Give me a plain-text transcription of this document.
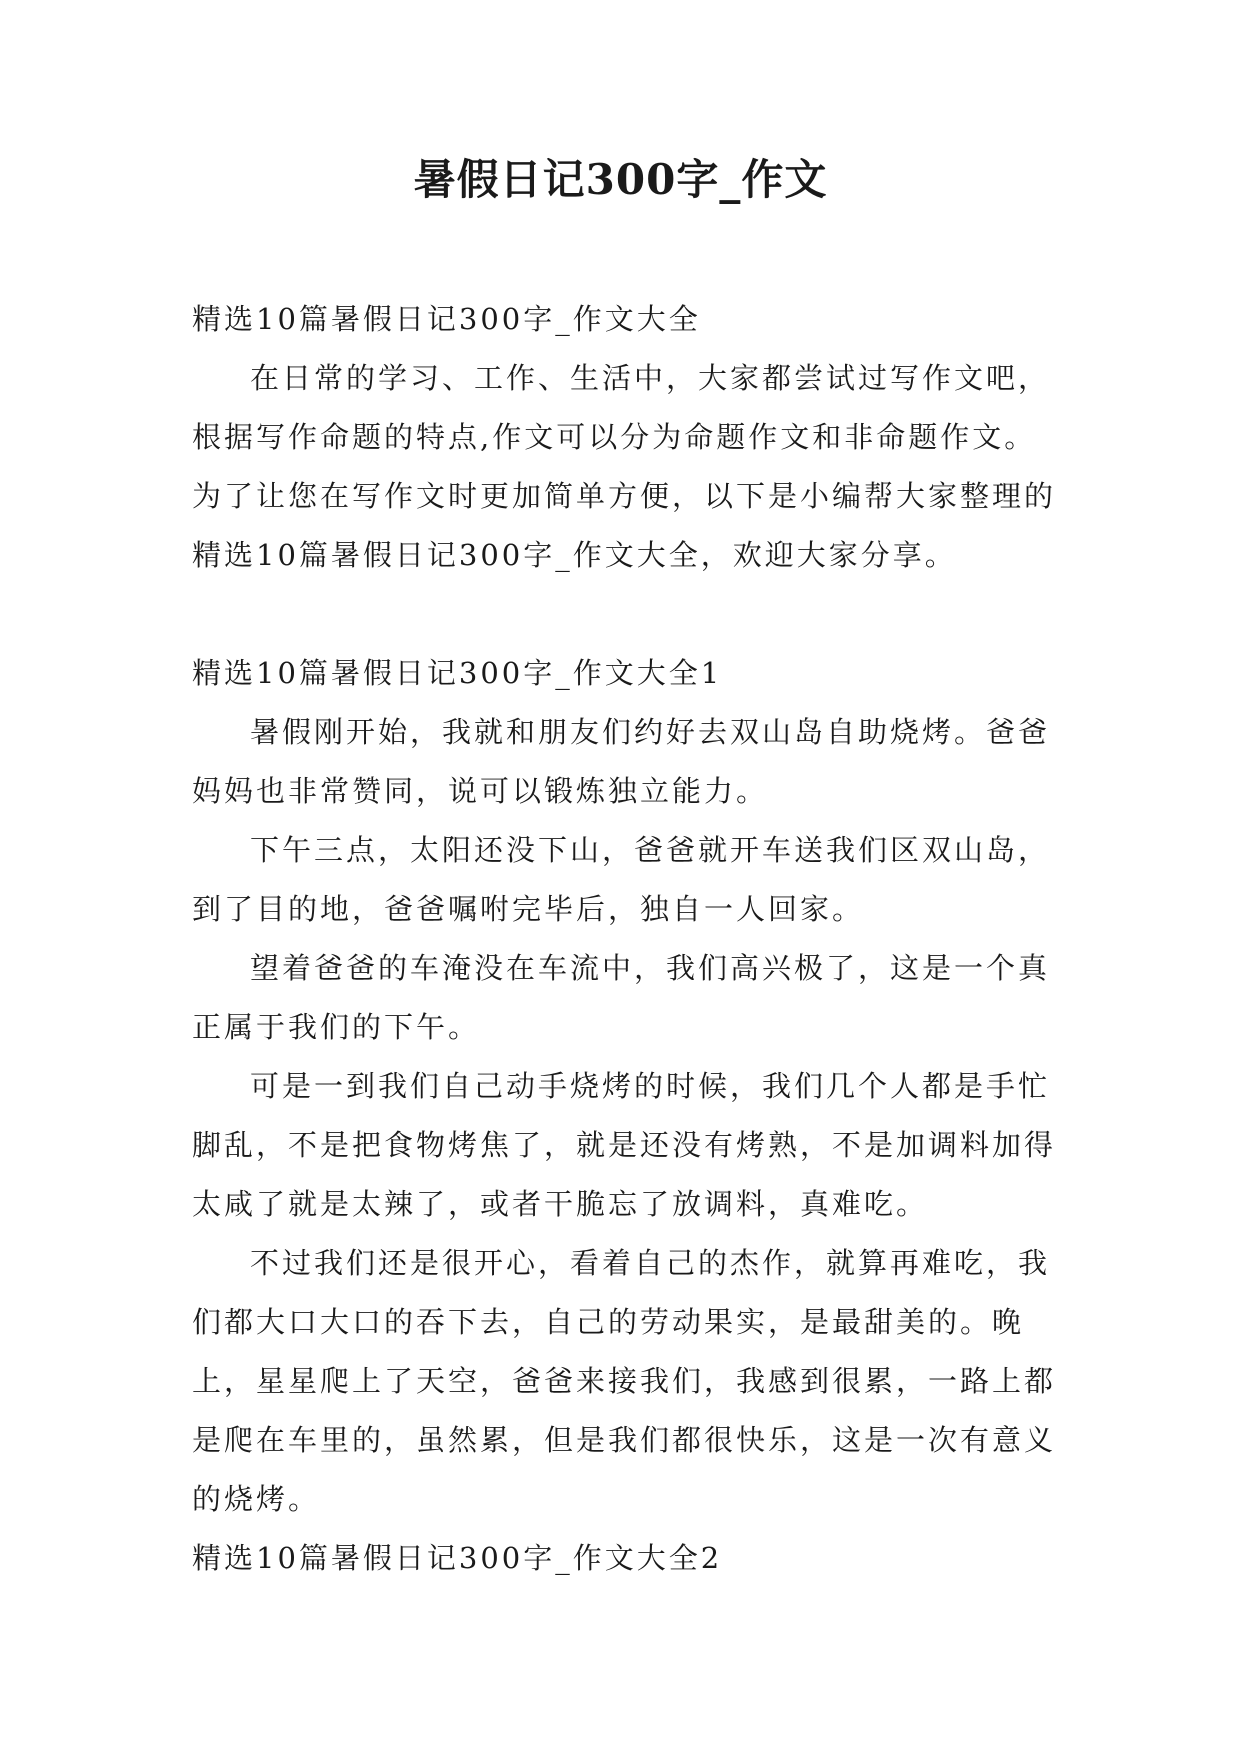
暑假日记300字_作文

精选10篇暑假日记300字_作文大全

在日常的学习、工作、生活中，大家都尝试过写作文吧，根据写作命题的特点,作文可以分为命题作文和非命题作文。为了让您在写作文时更加简单方便，以下是小编帮大家整理的精选10篇暑假日记300字_作文大全，欢迎大家分享。

精选10篇暑假日记300字_作文大全1

暑假刚开始，我就和朋友们约好去双山岛自助烧烤。爸爸妈妈也非常赞同，说可以锻炼独立能力。

下午三点，太阳还没下山，爸爸就开车送我们区双山岛，到了目的地，爸爸嘱咐完毕后，独自一人回家。

望着爸爸的车淹没在车流中，我们高兴极了，这是一个真正属于我们的下午。

可是一到我们自己动手烧烤的时候，我们几个人都是手忙脚乱，不是把食物烤焦了，就是还没有烤熟，不是加调料加得太咸了就是太辣了，或者干脆忘了放调料，真难吃。

不过我们还是很开心，看着自己的杰作，就算再难吃，我们都大口大口的吞下去，自己的劳动果实，是最甜美的。晚上，星星爬上了天空，爸爸来接我们，我感到很累，一路上都是爬在车里的，虽然累，但是我们都很快乐，这是一次有意义的烧烤。

精选10篇暑假日记300字_作文大全2
